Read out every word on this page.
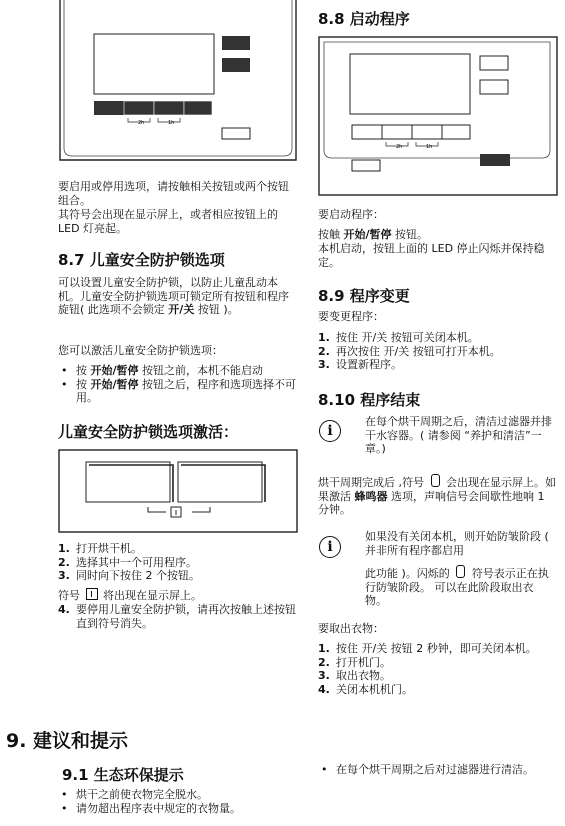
2h	1h

要启用或停用选项，请按触相关按钮或两个按钮组合。

其符号会出现在显示屏上，或者相应按钮上的 LED 灯亮起。

8.7 儿童安全防护锁选项

可以设置儿童安全防护锁，以防止儿童乱动本机。儿童安全防护锁选项可锁定所有按钮和程序旋钮( 此选项不会锁定 开/关 按钮 )。

您可以激活儿童安全防护锁选项：

• 按 开始/暂停 按钮之前，本机不能启动
• 按 开始/暂停 按钮之后，程序和选项选择不可用。
儿童安全防护锁选项激活：
1. 打开烘干机。
2. 选择其中一个可用程序。
3. 同时向下按住 2 个按钮。

符号 将出现在显示屏上。

4. 要停用儿童安全防护锁，请再次按触上述按钮直到符号消失。
8.8 启动程序
2h	1h

要启动程序：

按触 开始/暂停 按钮。

本机启动，按钮上面的 LED 停止闪烁并保持稳定。

8.9 程序变更

要变更程序：

1. 按住 开/关 按钮可关闭本机。
2. 再次按住 开/关 按钮可打开本机。
3. 设置新程序。
8.10 程序结束
i

在每个烘干周期之后，清洁过滤器并排干水容器。( 请参阅 “养护和清洁”一章。)

烘干周期完成后 ,符号 会出现在显示屏上。如果激活 蜂鸣器 选项，声响信号会间歇性地响 1 分钟。

i

如果没有关闭本机，则开始防皱阶段 ( 并非所有程序都启用

此功能 )。闪烁的 符号表示正在执行防皱阶段。 可以在此阶段取出衣物。

要取出衣物：

1. 按住 开/关 按钮 2 秒钟，即可关闭本机。
2. 打开机门。
3. 取出衣物。
4. 关闭本机机门。
9. 建议和提示
9.1 生态环保提示
• 烘干之前使衣物完全脱水。
• 请勿超出程序表中规定的衣物量。
• 在每个烘干周期之后对过滤器进行清洁。
